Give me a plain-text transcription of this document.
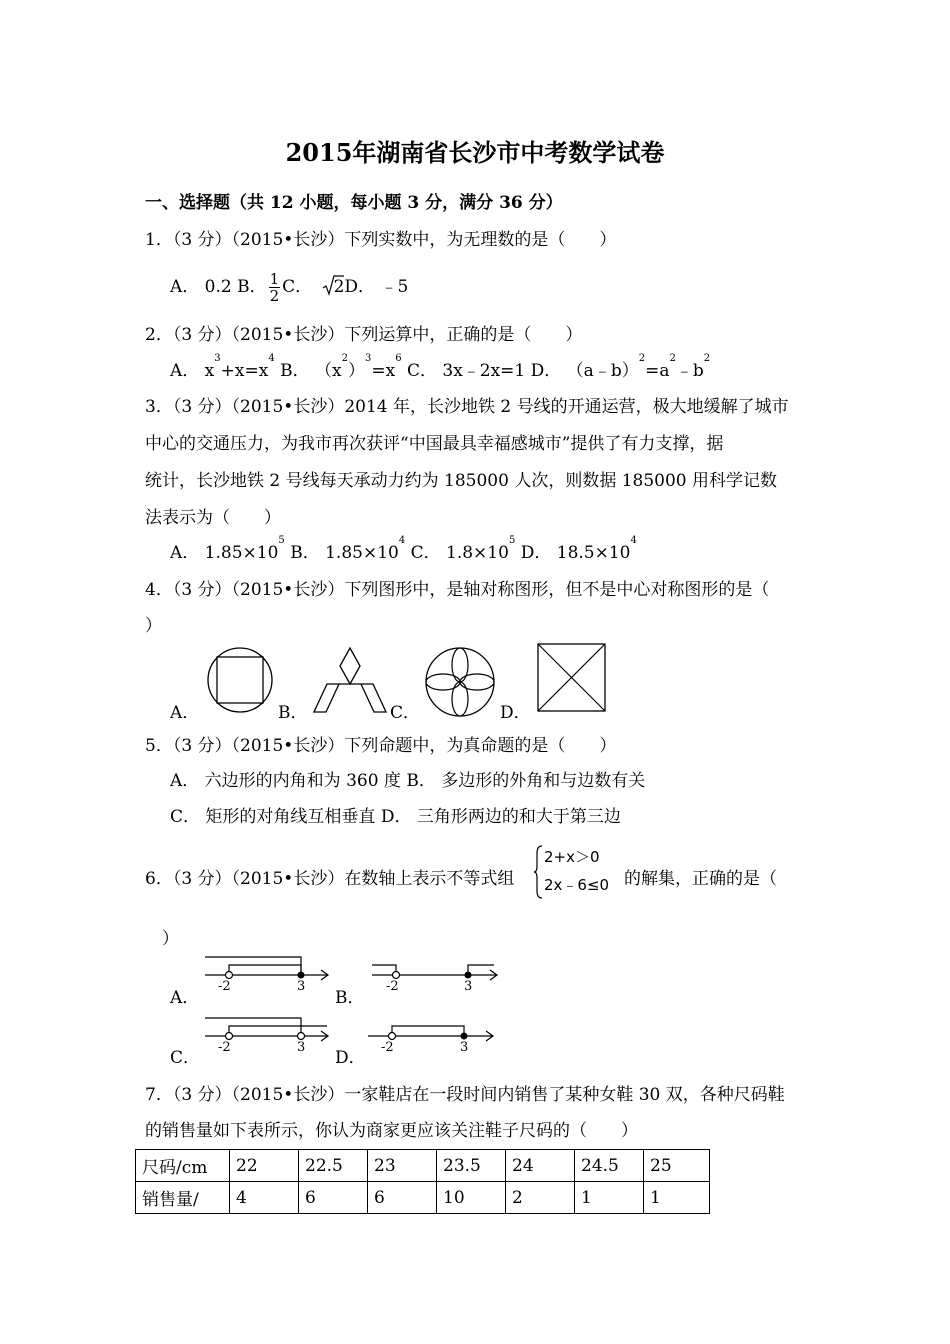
2015年湖南省长沙市中考数学试卷
一、选择题（共 12 小题，每小题 3 分，满分 36 分）
1．（3 分）（2015•长沙）下列实数中，为无理数的是（　　）
A． 0.2 B． $\frac{1}{2}$ C． 2D． ﹣5
2．（3 分）（2015•长沙）下列运算中，正确的是（　　）
A． $x^3+x=x^4$ B． $(x^2)^3=x^6$ C． 3x﹣2x=1 D． $(a﹣b)^2=a^2﹣b^2$
3．（3 分）（2015•长沙）2014 年，长沙地铁 2 号线的开通运营，极大地缓解了城市
中心的交通压力，为我市再次获评“中国最具幸福感城市”提供了有力支撑，据
统计，长沙地铁 2 号线每天承动力约为 185000 人次，则数据 185000 用科学记数
法表示为（　　）
A． $1.85\times 10^5$ B． $1.85\times 10^4$ C． $1.8\times 10^5$ D． $18.5\times 10^4$
4．（3 分）（2015•长沙）下列图形中，是轴对称图形，但不是中心对称图形的是（
）
A．	B．	C．	D．
5．（3 分）（2015•长沙）下列命题中，为真命题的是（　　）
A． 六边形的内角和为 360 度 B． 多边形的外角和与边数有关
C． 矩形的对角线互相垂直 D． 三角形两边的和大于第三边
6．（3 分）（2015•长沙）在数轴上表示不等式组
2+x＞0
2x﹣6≤0 的解集，正确的是（
）
A．
-2	3
B．
-2	3
C．
-2	3
D．
-2	3
7．（3 分）（2015•长沙）一家鞋店在一段时间内销售了某种女鞋 30 双，各种尺码鞋
的销售量如下表所示，你认为商家更应该关注鞋子尺码的（　　）
尺码/cm	22	22.5	23	23.5	24	24.5	25
销售量/	4	6	6	10	2	1	1
